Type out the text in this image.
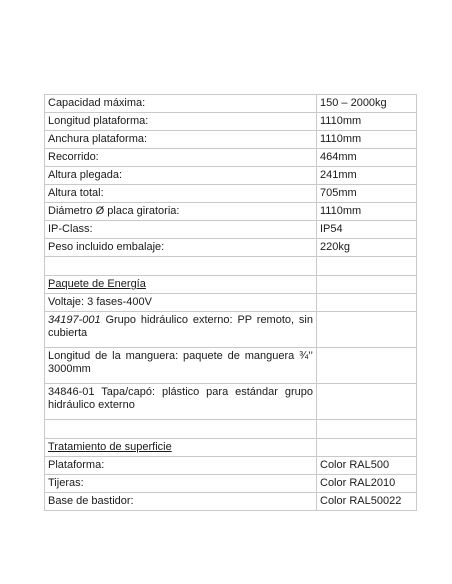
Capacidad máxima:	150 – 2000kg
Longitud plataforma:	1110mm
Anchura plataforma:	1110mm
Recorrido:	464mm
Altura plegada:	241mm
Altura total:	705mm
Diámetro Ø placa giratoria:	1110mm
IP-Class:	IP54
Peso incluido embalaje:	220kg

Paquete de Energía	
Voltaje: 3 fases-400V	
34197-001 Grupo hidráulico externo: PP remoto, sin cubierta	
Longitud de la manguera: paquete de manguera ¾’’ 3000mm	
34846-01 Tapa/capó: plástico para estándar grupo hidráulico externo	

Tratamiento de superficie	
Plataforma:	Color RAL500
Tijeras:	Color RAL2010
Base de bastidor:	Color RAL50022
